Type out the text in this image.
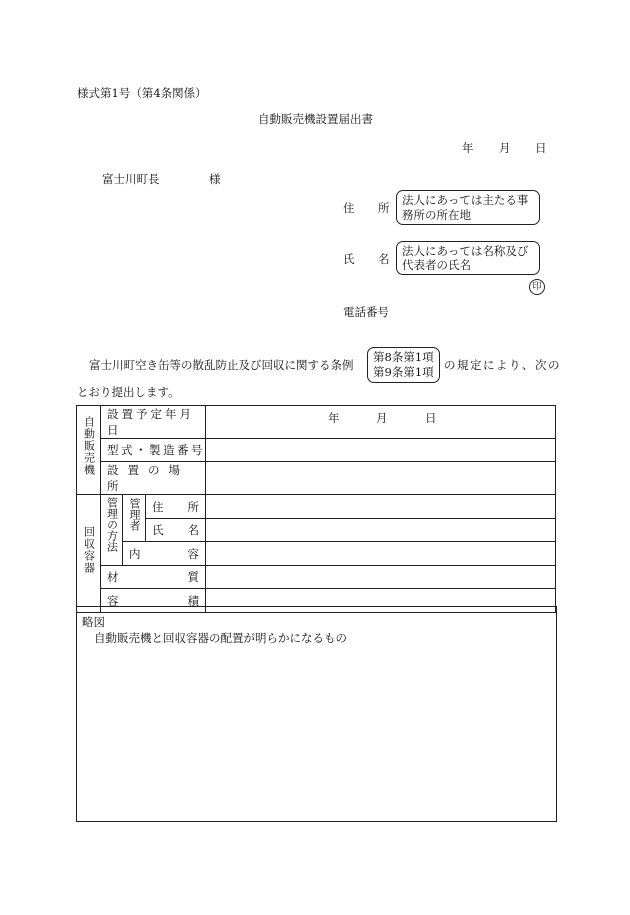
様式第1号（第4条関係）
自動販売機設置届出書
年 月 日
富士川町長	様
住 所
法人にあっては主たる事
務所の所在地
氏 名
法人にあっては名称及び
代表者の氏名
印
電話番号
富士川町空き缶等の散乱防止及び回収に関する条例
第8条第1項
第9条第1項 の規定により、次の
とおり提出します。
自動販売機	設置予定年月日			年 月 日

	型式・製造番号			

	設置の場所			

回収容器	管理の方法	管理者	住 所	

			氏 名	

		内 容		

	材 質			

	容 積			

略図
自動販売機と回収容器の配置が明らかになるもの
